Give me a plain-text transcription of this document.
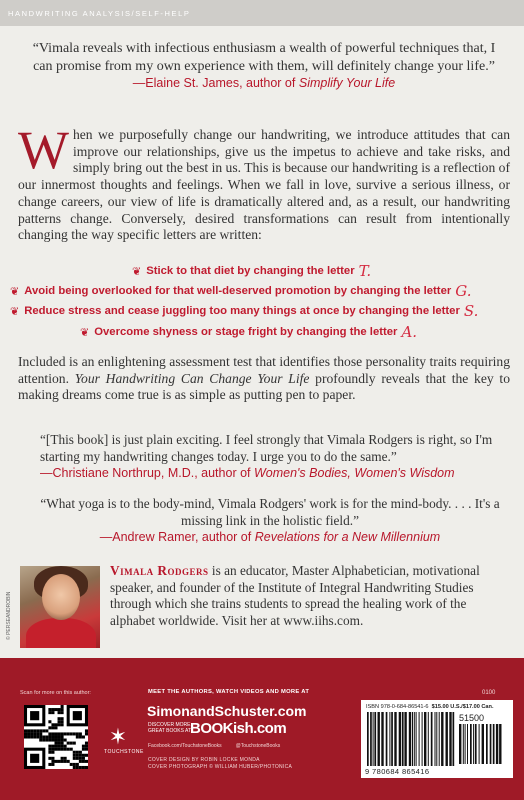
HANDWRITING ANALYSIS/SELF-HELP
“Vimala reveals with infectious enthusiasm a wealth of powerful techniques that, I can promise from my own experience with them, will definitely change your life.” —Elaine St. James, author of Simplify Your Life
When we purposefully change our handwriting, we introduce attitudes that can improve our relationships, give us the impetus to achieve and take risks, and simply bring out the best in us. This is because our handwriting is a reflection of our innermost thoughts and feelings. When we fall in love, survive a serious illness, or change careers, our view of life is dramatically altered and, as a result, our handwriting patterns change. Conversely, desired transformations can result from intentionally changing the way specific letters are written:
❦ Stick to that diet by changing the letter T.
❦ Avoid being overlooked for that well-deserved promotion by changing the letter G.
❦ Reduce stress and cease juggling too many things at once by changing the letter S.
❦ Overcome shyness or stage fright by changing the letter A.
Included is an enlightening assessment test that identifies those personality traits requiring attention. Your Handwriting Can Change Your Life profoundly reveals that the key to making dreams come true is as simple as putting pen to paper.
“[This book] is just plain exciting. I feel strongly that Vimala Rodgers is right, so I'm starting my handwriting changes today. I urge you to do the same.”
—Christiane Northrup, M.D., author of Women's Bodies, Women's Wisdom
“What yoga is to the body-mind, Vimala Rodgers' work is for the mind-body. . . . It's a missing link in the holistic field.”
—Andrew Ramer, author of Revelations for a New Millennium
© PERSEANDROBIN
Vimala Rodgers is an educator, Master Alphabetician, motivational speaker, and founder of the Institute of Integral Handwriting Studies through which she trains students to spread the healing work of the alphabet worldwide. Visit her at www.iihs.com.
Scan for more on this author:
✶
TOUCHSTONE
MEET THE AUTHORS, WATCH VIDEOS AND MORE AT
SimonandSchuster.com
DISCOVER MORE GREAT BOOKS AT
BOOKish.com
Facebook.com/TouchstoneBooks	@TouchstoneBooks
COVER DESIGN BY ROBIN LOCKE MONDA
COVER PHOTOGRAPH © WILLIAM HUBER/PHOTONICA
0100
ISBN 978-0-684-86541-6 $15.00 U.S./$17.00 Can.
51500
9 780684 865416
